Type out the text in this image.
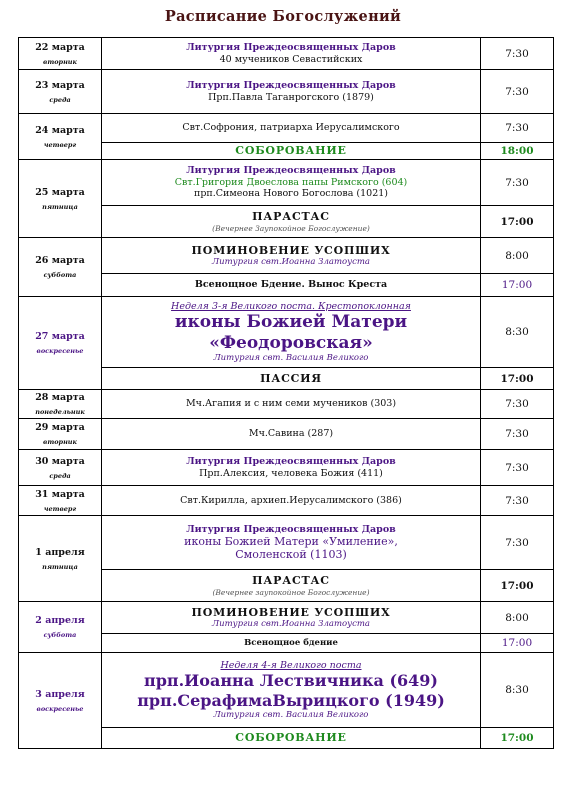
Расписание Богослужений
22 марта
вторник	Литургия Преждеосвященных Даров
40 мучеников Севастийских	7:30

23 марта
среда	Литургия Преждеосвященных Даров
Прп.Павла Таганрогского (1879)	7:30

24 марта
четверг	Свт.Софрония, патриарха Иерусалимского	7:30

	СОБОРОВАНИЕ	18:00

25 марта
пятница	Литургия Преждеосвященных Даров
Свт.Григория Двоеслова папы Римского (604)
прп.Симеона Нового Богослова (1021)	7:30

	ПАРАСТАС
(Вечернее Заупокойное Богослужение)	17:00

26 марта
суббота	ПОМИНОВЕНИЕ УСОПШИХ
Литургия свт.Иоанна Златоуста	8:00

	Всенощное Бдение. Вынос Креста	17:00

27 марта
воскресенье	Неделя 3-я Великого поста. Крестопоклонная
иконы Божией Матери
«Феодоровская»
Литургия свт. Василия Великого	8:30

	ПАССИЯ	17:00

28 марта
понедельник	Мч.Агапия и с ним семи мучеников (303)	7:30

29 марта
вторник	Мч.Савина (287)	7:30

30 марта
среда	Литургия Преждеосвященных Даров
Прп.Алексия, человека Божия (411)	7:30

31 марта
четверг	Свт.Кирилла, архиеп.Иерусалимского (386)	7:30

1 апреля
пятница	Литургия Преждеосвященных Даров
иконы Божией Матери «Умиление»,
Смоленской (1103)	7:30

	ПАРАСТАС
(Вечернее заупокойное Богослужение)	17:00

2 апреля
суббота	ПОМИНОВЕНИЕ УСОПШИХ
Литургия свт.Иоанна Златоуста	8:00

	Всенощное бдение	17:00

3 апреля
воскресенье	Неделя 4-я Великого поста
прп.Иоанна Лествичника (649)
прп.СерафимаВырицкого (1949)
Литургия свт. Василия Великого	8:30

	СОБОРОВАНИЕ	17:00
